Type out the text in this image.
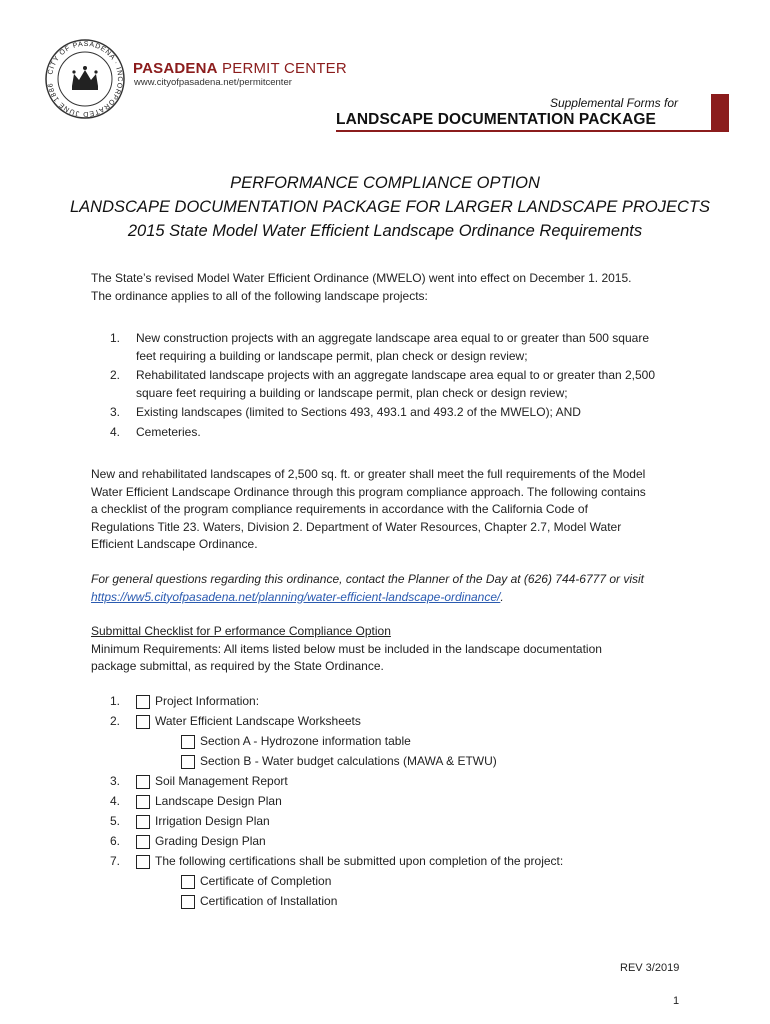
CITY OF PASADENA · INCORPORATED JUNE 1886
PASADENA PERMIT CENTER
www.cityofpasadena.net/permitcenter
Supplemental Forms for
LANDSCAPE DOCUMENTATION PACKAGE
PERFORMANCE COMPLIANCE OPTION
LANDSCAPE DOCUMENTATION PACKAGE FOR LARGER LANDSCAPE PROJECTS
2015 State Model Water Efficient Landscape Ordinance Requirements
The State’s revised Model Water Efficient Ordinance (MWELO) went into effect on December 1. 2015.
The ordinance applies to all of the following landscape projects:
1. New construction projects with an aggregate landscape area equal to or greater than 500 square
feet requiring a building or landscape permit, plan check or design review;
2. Rehabilitated landscape projects with an aggregate landscape area equal to or greater than 2,500
square feet requiring a building or landscape permit, plan check or design review;
3. Existing landscapes (limited to Sections 493, 493.1 and 493.2 of the MWELO); AND
4. Cemeteries.
New and rehabilitated landscapes of 2,500 sq. ft. or greater shall meet the full requirements of the Model
Water Efficient Landscape Ordinance through this program compliance approach. The following contains
a checklist of the program compliance requirements in accordance with the California Code of
Regulations Title 23. Waters, Division 2. Department of Water Resources, Chapter 2.7, Model Water
Efficient Landscape Ordinance.
For general questions regarding this ordinance, contact the Planner of the Day at (626) 744-6777 or visit
https://ww5.cityofpasadena.net/planning/water-efficient-landscape-ordinance/.
Submittal Checklist for P erformance Compliance Option
Minimum Requirements: All items listed below must be included in the landscape documentation
package submittal, as required by the State Ordinance.
1.	Project Information:
2.	Water Efficient Landscape Worksheets
Section A - Hydrozone information table
Section B - Water budget calculations (MAWA & ETWU)
3.	Soil Management Report
4.	Landscape Design Plan
5.	Irrigation Design Plan
6.	Grading Design Plan
7.	The following certifications shall be submitted upon completion of the project:
Certificate of Completion
Certification of Installation
REV 3/2019
1
